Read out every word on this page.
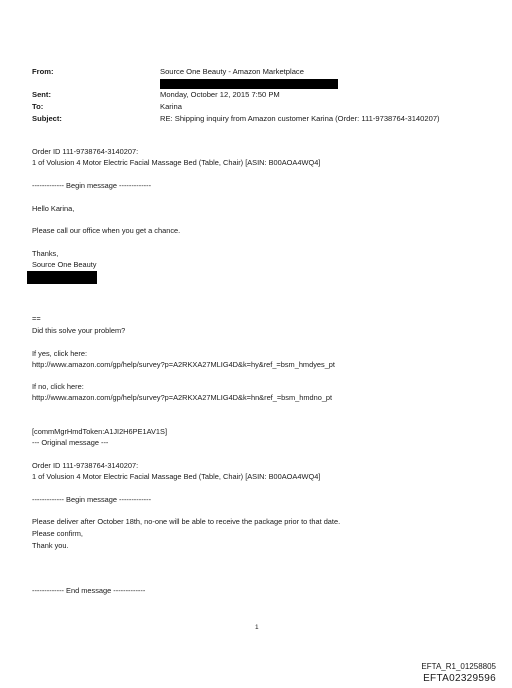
From:	Source One Beauty - Amazon Marketplace
Sent:	Monday, October 12, 2015 7:50 PM
To:	Karina
Subject:	RE: Shipping inquiry from Amazon customer Karina (Order: 111-9738764-3140207)
Order ID 111-9738764-3140207:
1 of Volusion 4 Motor Electric Facial Massage Bed (Table, Chair) [ASIN: B00AOA4WQ4]
------------- Begin message -------------
Hello Karina,
Please call our office when you get a chance.
Thanks,
Source One Beauty
==
Did this solve your problem?
If yes, click here:
http://www.amazon.com/gp/help/survey?p=A2RKXA27MLIG4D&k=hy&ref_=bsm_hmdyes_pt
If no, click here:
http://www.amazon.com/gp/help/survey?p=A2RKXA27MLIG4D&k=hn&ref_=bsm_hmdno_pt
[commMgrHmdToken:A1JI2H6PE1AV1S]
--- Original message ---
Order ID 111-9738764-3140207:
1 of Volusion 4 Motor Electric Facial Massage Bed (Table, Chair) [ASIN: B00AOA4WQ4]
------------- Begin message -------------
Please deliver after October 18th, no-one will be able to receive the package prior to that date.
Please confirm,
Thank you.
------------- End message -------------
1
EFTA_R1_01258805
EFTA02329596
